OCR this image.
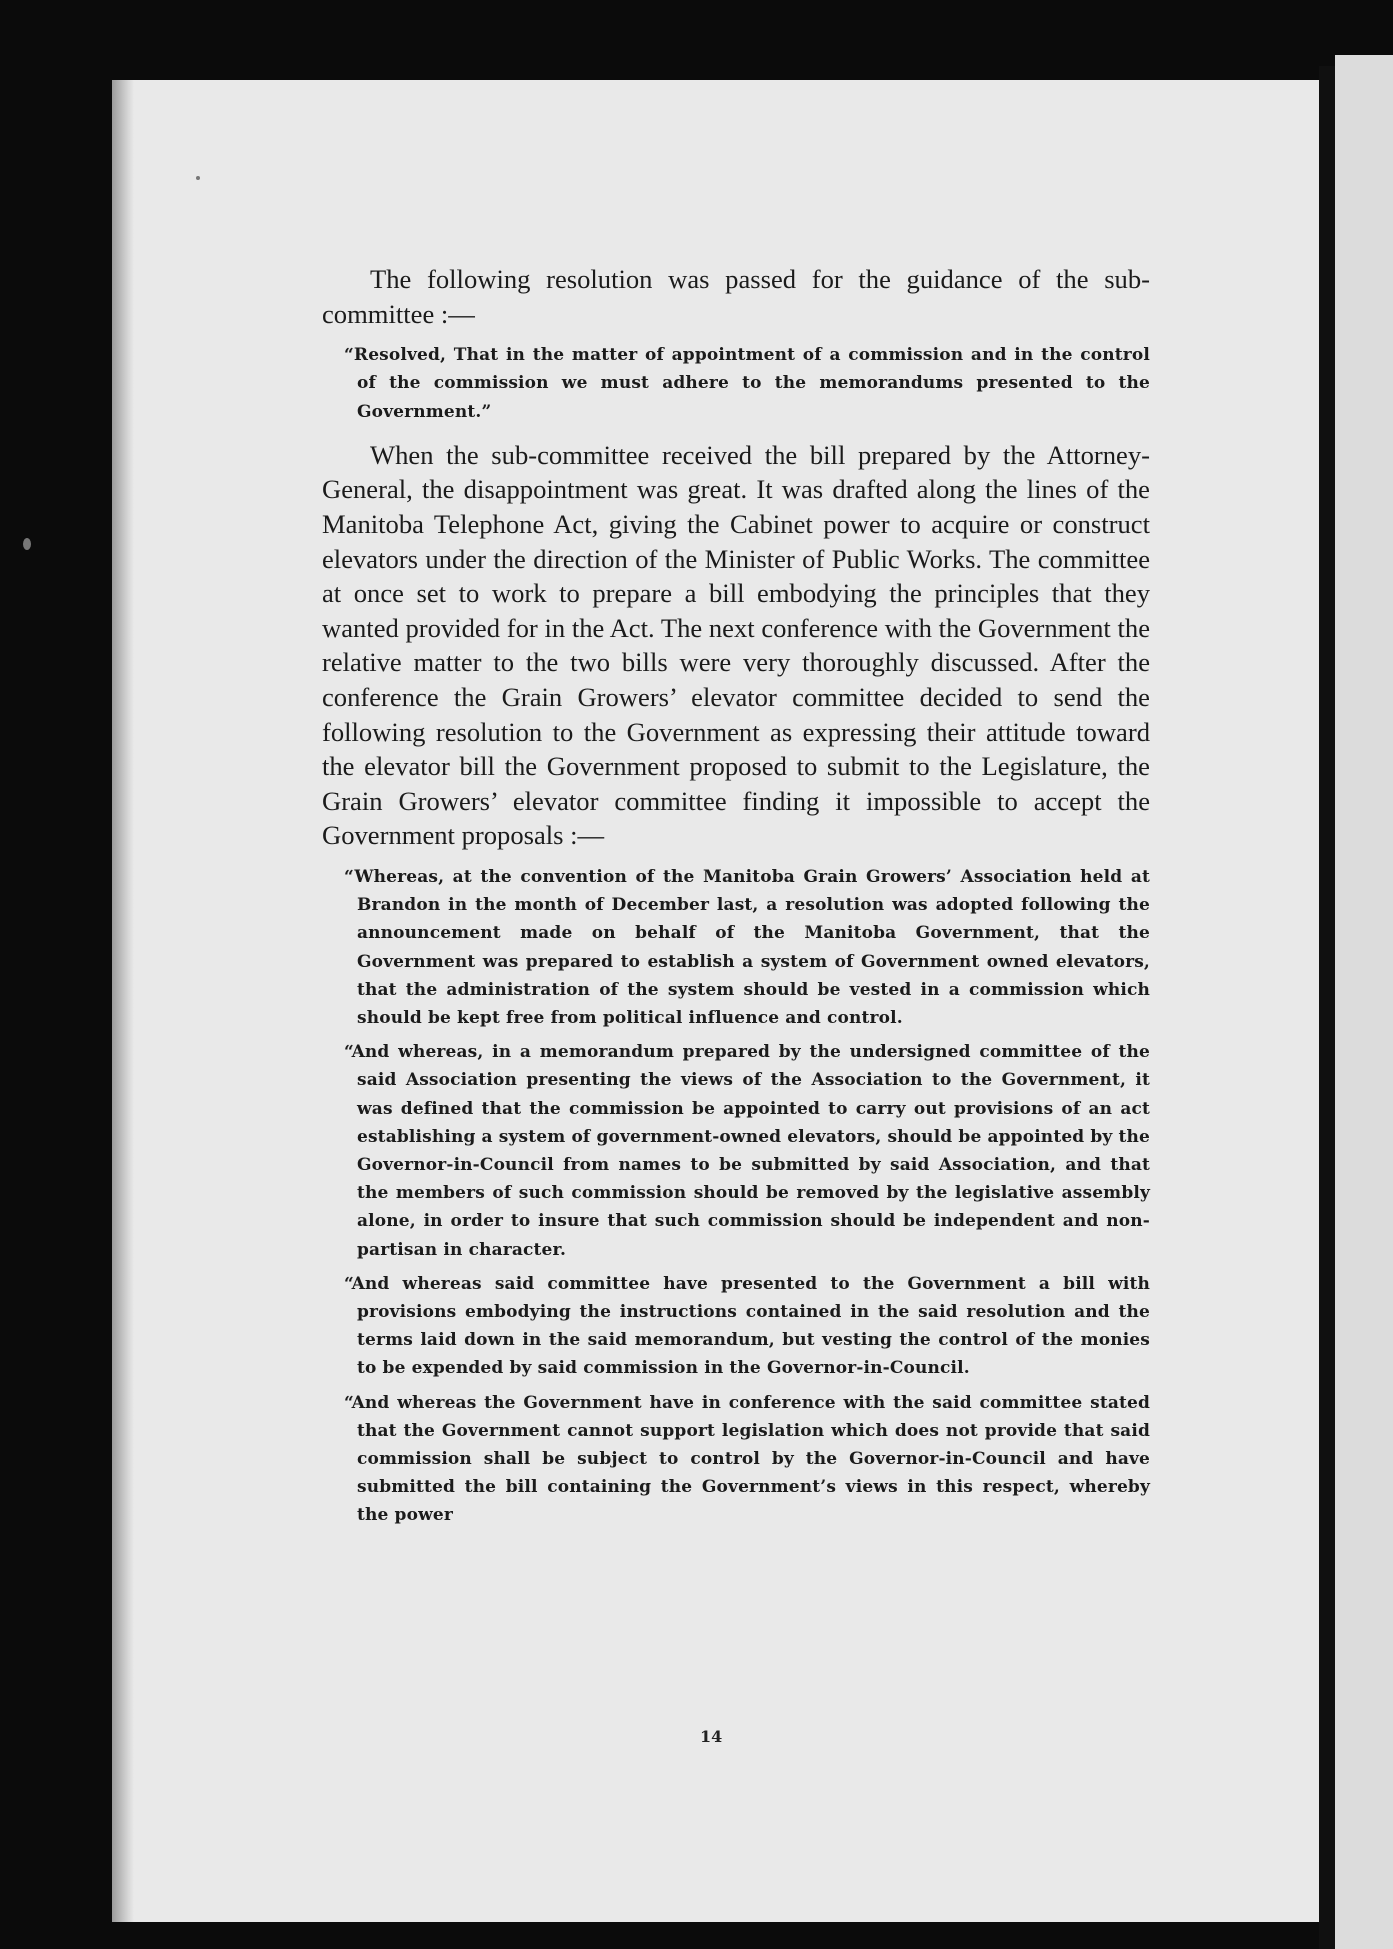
The following resolution was passed for the guidance of the sub-committee :—

“Resolved, That in the matter of appointment of a commission and in the control of the commission we must adhere to the memorandums presented to the Government.”

When the sub-committee received the bill prepared by the Attorney-General, the disappointment was great. It was drafted along the lines of the Manitoba Telephone Act, giving the Cabinet power to acquire or construct elevators under the direction of the Minister of Public Works. The committee at once set to work to prepare a bill embodying the principles that they wanted provided for in the Act. The next conference with the Government the relative matter to the two bills were very thoroughly discussed. After the conference the Grain Growers’ elevator committee decided to send the following resolution to the Government as expressing their attitude toward the elevator bill the Government proposed to submit to the Legislature, the Grain Growers’ elevator committee finding it impossible to accept the Government proposals :—

“Whereas, at the convention of the Manitoba Grain Growers’ Association held at Brandon in the month of December last, a resolution was adopted following the announcement made on behalf of the Manitoba Government, that the Government was prepared to establish a system of Government owned elevators, that the administration of the system should be vested in a commission which should be kept free from political influence and control.

“And whereas, in a memorandum prepared by the undersigned committee of the said Association presenting the views of the Association to the Government, it was defined that the commission be appointed to carry out provisions of an act establishing a system of government-owned elevators, should be appointed by the Governor-in-Council from names to be submitted by said Association, and that the members of such commission should be removed by the legislative assembly alone, in order to insure that such commission should be independent and non-partisan in character.

“And whereas said committee have presented to the Government a bill with provisions embodying the instructions contained in the said resolution and the terms laid down in the said memorandum, but vesting the control of the monies to be expended by said commission in the Governor-in-Council.

“And whereas the Government have in conference with the said committee stated that the Government cannot support legislation which does not provide that said commission shall be subject to control by the Governor-in-Council and have submitted the bill containing the Government’s views in this respect, whereby the power

14
